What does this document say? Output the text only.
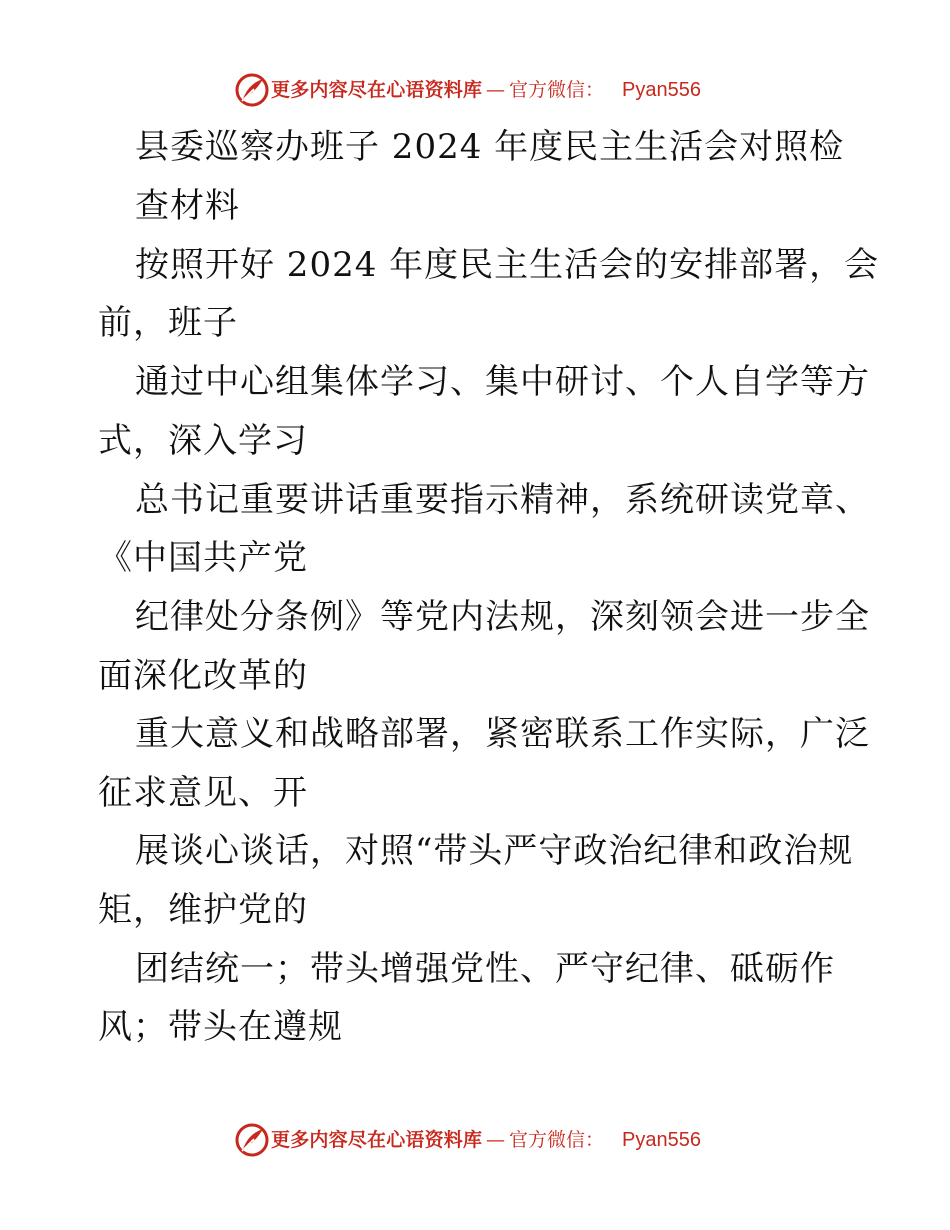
更多内容尽在心语资料库 — 官方微信： Pyan556
县委巡察办班子 2024 年度民主生活会对照检
查材料
按照开好 2024 年度民主生活会的安排部署，会
前，班子
通过中心组集体学习、集中研讨、个人自学等方
式，深入学习
总书记重要讲话重要指示精神，系统研读党章、
《中国共产党
纪律处分条例》等党内法规，深刻领会进一步全
面深化改革的
重大意义和战略部署，紧密联系工作实际，广泛
征求意见、开
展谈心谈话，对照“带头严守政治纪律和政治规
矩，维护党的
团结统一；带头增强党性、严守纪律、砥砺作
风；带头在遵规
更多内容尽在心语资料库 — 官方微信： Pyan556
